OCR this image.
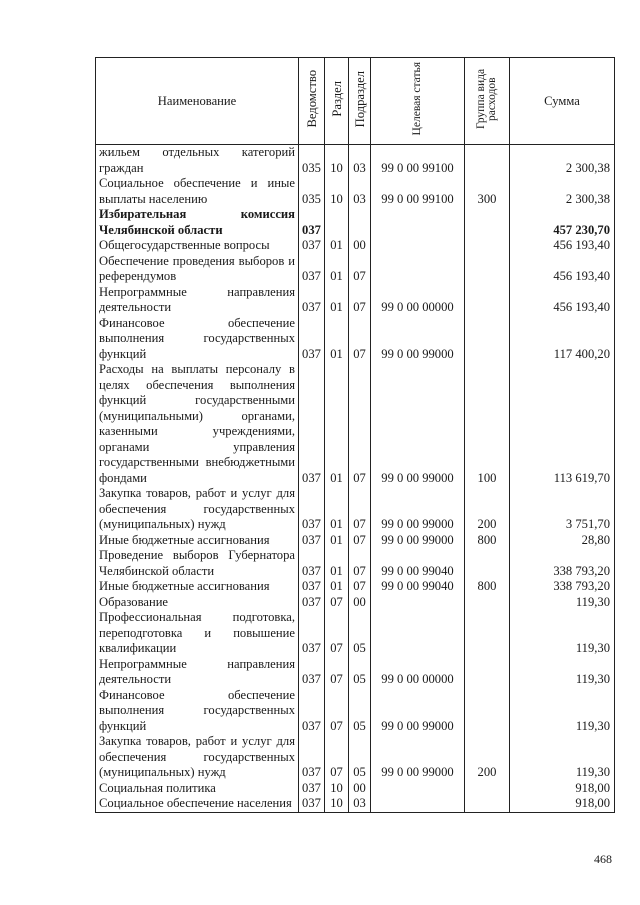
Наименование	Ведомство	Раздел	Подраздел	Целевая статья	Группа вида расходов	Сумма
жильем отдельных категорий граждан	035	10	03	99 0 00 99100		2 300,38
Социальное обеспечение и иные выплаты населению	035	10	03	99 0 00 99100	300	2 300,38
Избирательная комиссия Челябинской области	037					457 230,70
Общегосударственные вопросы	037	01	00			456 193,40
Обеспечение проведения выборов и референдумов	037	01	07			456 193,40
Непрограммные направления деятельности	037	01	07	99 0 00 00000		456 193,40
Финансовое обеспечение выполнения государственных функций	037	01	07	99 0 00 99000		117 400,20
Расходы на выплаты персоналу в целях обеспечения выполнения функций государственными (муниципальными) органами, казенными учреждениями, органами управления государственными внебюджетными фондами	037	01	07	99 0 00 99000	100	113 619,70
Закупка товаров, работ и услуг для обеспечения государственных (муниципальных) нужд	037	01	07	99 0 00 99000	200	3 751,70
Иные бюджетные ассигнования	037	01	07	99 0 00 99000	800	28,80
Проведение выборов Губернатора Челябинской области	037	01	07	99 0 00 99040		338 793,20
Иные бюджетные ассигнования	037	01	07	99 0 00 99040	800	338 793,20
Образование	037	07	00			119,30
Профессиональная подготовка, переподготовка и повышение квалификации	037	07	05			119,30
Непрограммные направления деятельности	037	07	05	99 0 00 00000		119,30
Финансовое обеспечение выполнения государственных функций	037	07	05	99 0 00 99000		119,30
Закупка товаров, работ и услуг для обеспечения государственных (муниципальных) нужд	037	07	05	99 0 00 99000	200	119,30
Социальная политика	037	10	00			918,00
Социальное обеспечение населения	037	10	03			918,00
468
